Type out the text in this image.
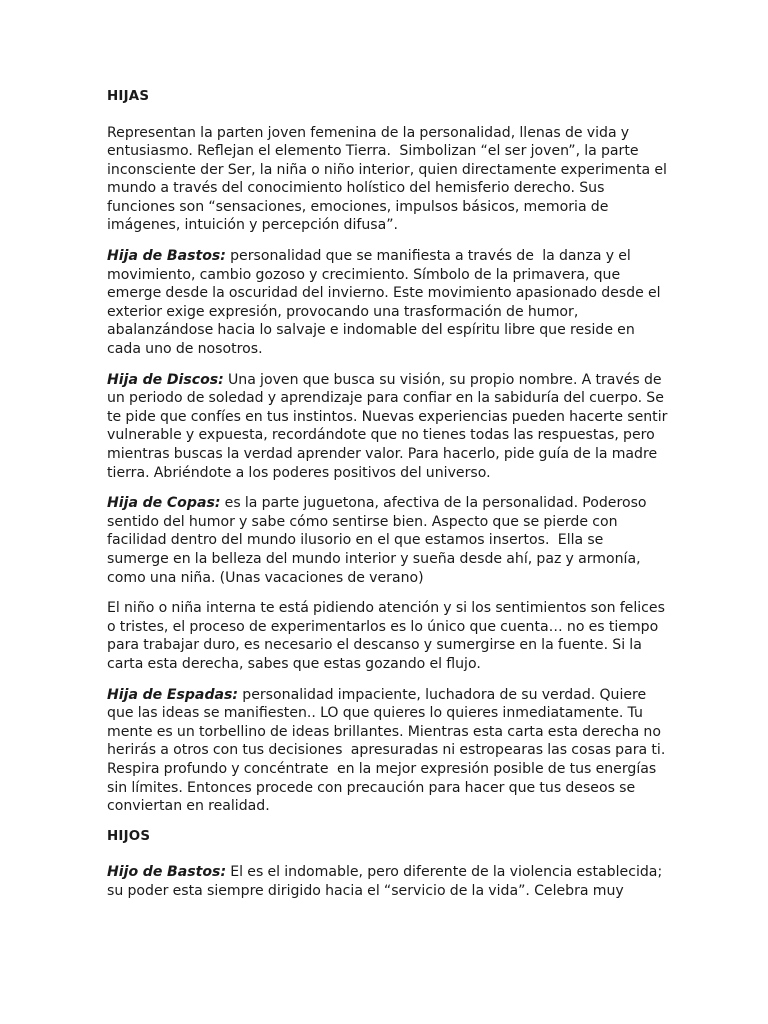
HIJAS

Representan la parten joven femenina de la personalidad, llenas de vida y
entusiasmo. Reflejan el elemento Tierra.  Simbolizan “el ser joven”, la parte
inconsciente der Ser, la niña o niño interior, quien directamente experimenta el
mundo a través del conocimiento holístico del hemisferio derecho. Sus
funciones son “sensaciones, emociones, impulsos básicos, memoria de
imágenes, intuición y percepción difusa”.

Hija de Bastos: personalidad que se manifiesta a través de  la danza y el
movimiento, cambio gozoso y crecimiento. Símbolo de la primavera, que
emerge desde la oscuridad del invierno. Este movimiento apasionado desde el
exterior exige expresión, provocando una trasformación de humor,
abalanzándose hacia lo salvaje e indomable del espíritu libre que reside en
cada uno de nosotros.

Hija de Discos: Una joven que busca su visión, su propio nombre. A través de
un periodo de soledad y aprendizaje para confiar en la sabiduría del cuerpo. Se
te pide que confíes en tus instintos. Nuevas experiencias pueden hacerte sentir
vulnerable y expuesta, recordándote que no tienes todas las respuestas, pero
mientras buscas la verdad aprender valor. Para hacerlo, pide guía de la madre
tierra. Abriéndote a los poderes positivos del universo.

Hija de Copas: es la parte juguetona, afectiva de la personalidad. Poderoso
sentido del humor y sabe cómo sentirse bien. Aspecto que se pierde con
facilidad dentro del mundo ilusorio en el que estamos insertos.  Ella se
sumerge en la belleza del mundo interior y sueña desde ahí, paz y armonía,
como una niña. (Unas vacaciones de verano)

El niño o niña interna te está pidiendo atención y si los sentimientos son felices
o tristes, el proceso de experimentarlos es lo único que cuenta… no es tiempo
para trabajar duro, es necesario el descanso y sumergirse en la fuente. Si la
carta esta derecha, sabes que estas gozando el flujo.

Hija de Espadas: personalidad impaciente, luchadora de su verdad. Quiere
que las ideas se manifiesten.. LO que quieres lo quieres inmediatamente. Tu
mente es un torbellino de ideas brillantes. Mientras esta carta esta derecha no
herirás a otros con tus decisiones  apresuradas ni estropearas las cosas para ti.
Respira profundo y concéntrate  en la mejor expresión posible de tus energías
sin límites. Entonces procede con precaución para hacer que tus deseos se
conviertan en realidad.

HIJOS

Hijo de Bastos: El es el indomable, pero diferente de la violencia establecida;
su poder esta siempre dirigido hacia el “servicio de la vida”. Celebra muy
